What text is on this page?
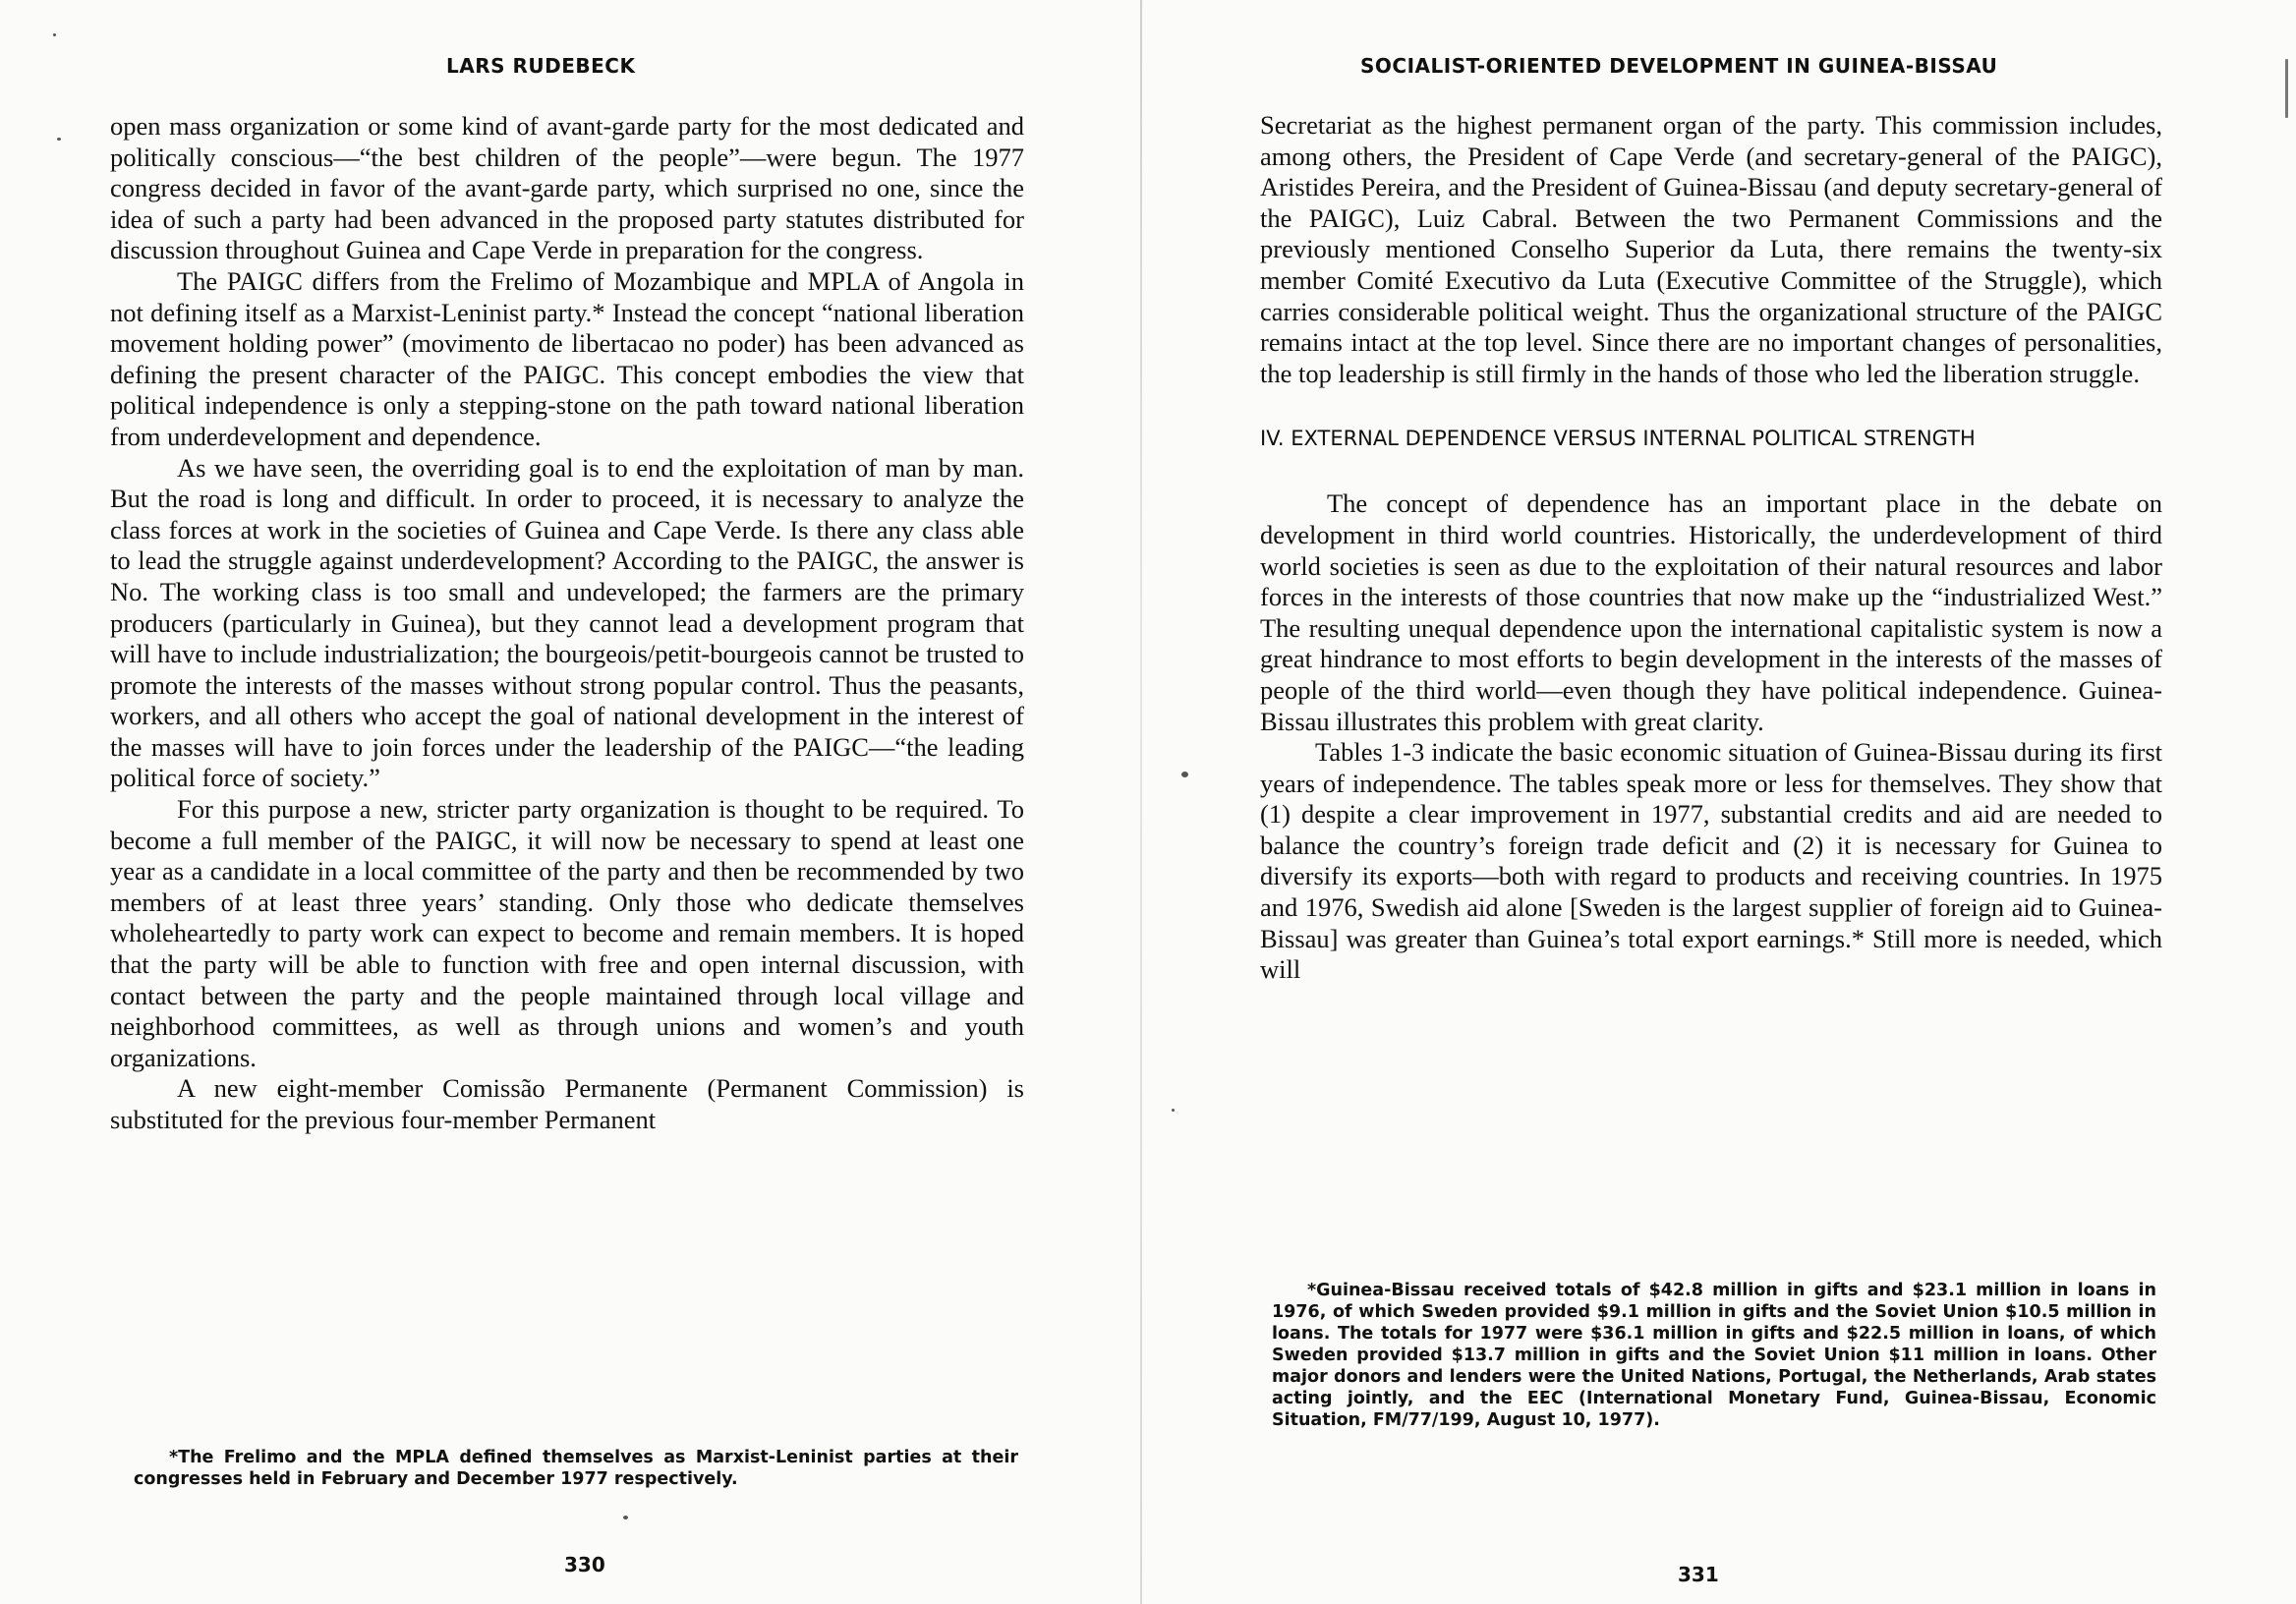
LARS RUDEBECK

open mass organization or some kind of avant-garde party for the most dedicated and politically conscious—“the best children of the people”—were begun. The 1977 congress decided in favor of the avant-garde party, which surprised no one, since the idea of such a party had been advanced in the proposed party statutes distributed for discussion throughout Guinea and Cape Verde in preparation for the congress.

The PAIGC differs from the Frelimo of Mozambique and MPLA of Angola in not defining itself as a Marxist-Leninist party.* Instead the concept “national liberation movement holding power” (movimento de libertacao no poder) has been advanced as defining the present character of the PAIGC. This concept embodies the view that political independence is only a stepping-stone on the path toward national liberation from underdevelopment and dependence.

As we have seen, the overriding goal is to end the exploitation of man by man. But the road is long and difficult. In order to proceed, it is necessary to analyze the class forces at work in the societies of Guinea and Cape Verde. Is there any class able to lead the struggle against underdevelopment? According to the PAIGC, the answer is No. The working class is too small and undeveloped; the farmers are the primary producers (particularly in Guinea), but they cannot lead a development program that will have to include industrialization; the bourgeois/petit-bourgeois cannot be trusted to promote the interests of the masses without strong popular control. Thus the peasants, workers, and all others who accept the goal of national development in the interest of the masses will have to join forces under the leadership of the PAIGC—“the leading political force of society.”

For this purpose a new, stricter party organization is thought to be required. To become a full member of the PAIGC, it will now be necessary to spend at least one year as a candidate in a local committee of the party and then be recommended by two members of at least three years’ standing. Only those who dedicate themselves wholeheartedly to party work can expect to become and remain members. It is hoped that the party will be able to function with free and open internal discussion, with contact between the party and the people maintained through local village and neighborhood committees, as well as through unions and women’s and youth organizations.

A new eight-member Comissão Permanente (Permanent Commission) is substituted for the previous four-member Permanent

*The Frelimo and the MPLA defined themselves as Marxist-Leninist parties at their congresses held in February and December 1977 respectively.
330
SOCIALIST-ORIENTED DEVELOPMENT IN GUINEA-BISSAU

Secretariat as the highest permanent organ of the party. This commission includes, among others, the President of Cape Verde (and secretary-general of the PAIGC), Aristides Pereira, and the President of Guinea-Bissau (and deputy secretary-general of the PAIGC), Luiz Cabral. Between the two Permanent Commissions and the previously mentioned Conselho Superior da Luta, there remains the twenty-six member Comité Executivo da Luta (Executive Committee of the Struggle), which carries considerable political weight. Thus the organizational structure of the PAIGC remains intact at the top level. Since there are no important changes of personalities, the top leadership is still firmly in the hands of those who led the liberation struggle.

IV. EXTERNAL DEPENDENCE VERSUS INTERNAL POLITICAL STRENGTH

The concept of dependence has an important place in the debate on development in third world countries. Historically, the underdevelopment of third world societies is seen as due to the exploitation of their natural resources and labor forces in the interests of those countries that now make up the “industrialized West.” The resulting unequal dependence upon the international capitalistic system is now a great hindrance to most efforts to begin development in the interests of the masses of people of the third world—even though they have political independence. Guinea-Bissau illustrates this problem with great clarity.

Tables 1-3 indicate the basic economic situation of Guinea-Bissau during its first years of independence. The tables speak more or less for themselves. They show that (1) despite a clear improvement in 1977, substantial credits and aid are needed to balance the country’s foreign trade deficit and (2) it is necessary for Guinea to diversify its exports—both with regard to products and receiving countries. In 1975 and 1976, Swedish aid alone [Sweden is the largest supplier of foreign aid to Guinea-Bissau] was greater than Guinea’s total export earnings.* Still more is needed, which will

*Guinea-Bissau received totals of $42.8 million in gifts and $23.1 million in loans in 1976, of which Sweden provided $9.1 million in gifts and the Soviet Union $10.5 million in loans. The totals for 1977 were $36.1 million in gifts and $22.5 million in loans, of which Sweden provided $13.7 million in gifts and the Soviet Union $11 million in loans. Other major donors and lenders were the United Nations, Portugal, the Netherlands, Arab states acting jointly, and the EEC (International Monetary Fund, Guinea-Bissau, Economic Situation, FM/77/199, August 10, 1977).
331
